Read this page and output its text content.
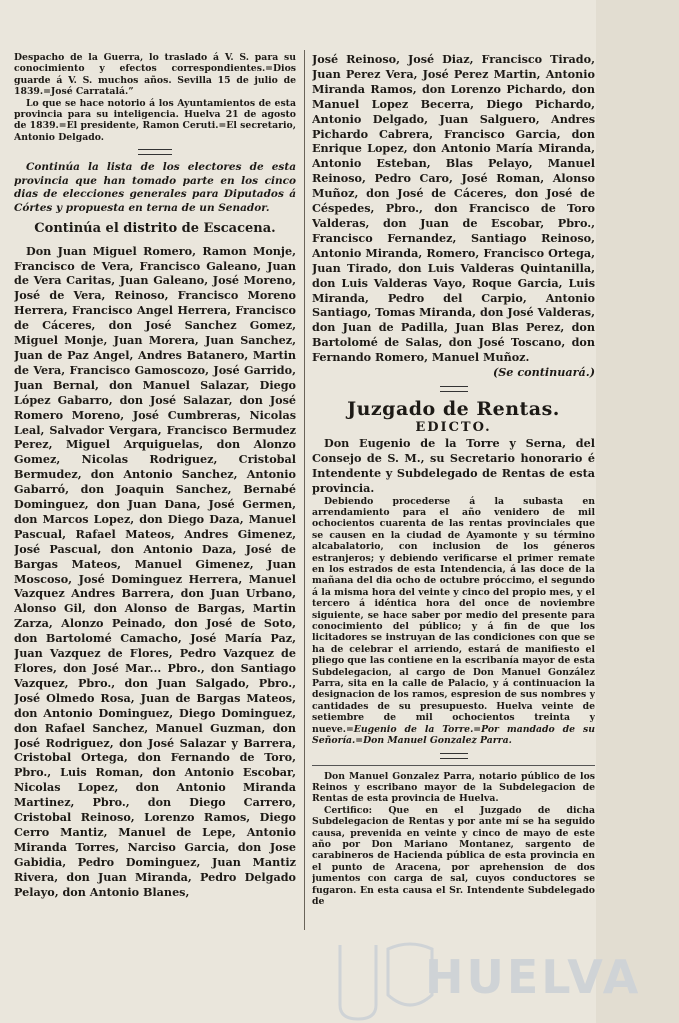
Despacho de la Guerra, lo traslado á V. S. para su conocimiento y efectos correspondientes.=Dios guarde á V. S. muchos años. Sevilla 15 de julio de 1839.=José Carratalá.”

Lo que se hace notorio á los Ayuntamientos de esta provincia para su inteligencia. Huelva 21 de agosto de 1839.=El presidente, Ramon Ceruti.=El secretario, Antonio Delgado.

Continúa la lista de los electores de esta provincia que han tomado parte en los cinco dias de elecciones generales para Diputados á Córtes y propuesta en terna de un Senador.

Continúa el distrito de Escacena.

Don Juan Miguel Romero, Ramon Monje, Francisco de Vera, Francisco Galeano, Juan de Vera Caritas, Juan Galeano, José Moreno, José de Vera, Reinoso, Francisco Moreno Herrera, Francisco Angel Herrera, Francisco de Cáceres, don José Sanchez Gomez, Miguel Monje, Juan Morera, Juan Sanchez, Juan de Paz Angel, Andres Batanero, Martin de Vera, Francisco Gamoscozo, José Garrido, Juan Bernal, don Manuel Salazar, Diego López Gabarro, don José Salazar, don José Romero Moreno, José Cumbreras, Nicolas Leal, Salvador Vergara, Francisco Bermudez Perez, Miguel Arquiguelas, don Alonzo Gomez, Nicolas Rodriguez, Cristobal Bermudez, don Antonio Sanchez, Antonio Gabarró, don Joaquin Sanchez, Bernabé Dominguez, don Juan Dana, José Germen, don Marcos Lopez, don Diego Daza, Manuel Pascual, Rafael Mateos, Andres Gimenez, José Pascual, don Antonio Daza, José de Bargas Mateos, Manuel Gimenez, Juan Moscoso, José Dominguez Herrera, Manuel Vazquez Andres Barrera, don Juan Urbano, Alonso Gil, don Alonso de Bargas, Martin Zarza, Alonzo Peinado, don José de Soto, don Bartolomé Camacho, José María Paz, Juan Vazquez de Flores, Pedro Vazquez de Flores, don José Mar... Pbro., don Santiago Vazquez, Pbro., don Juan Salgado, Pbro., José Olmedo Rosa, Juan de Bargas Mateos, don Antonio Dominguez, Diego Dominguez, don Rafael Sanchez, Manuel Guzman, don José Rodriguez, don José Salazar y Barrera, Cristobal Ortega, don Fernando de Toro, Pbro., Luis Roman, don Antonio Escobar, Nicolas Lopez, don Antonio Miranda Martinez, Pbro., don Diego Carrero, Cristobal Reinoso, Lorenzo Ramos, Diego Cerro Mantiz, Manuel de Lepe, Antonio Miranda Torres, Narciso Garcia, don Jose Gabidia, Pedro Dominguez, Juan Mantiz Rivera, don Juan Miranda, Pedro Delgado Pelayo, don Antonio Blanes,

José Reinoso, José Diaz, Francisco Tirado, Juan Perez Vera, José Perez Martin, Antonio Miranda Ramos, don Lorenzo Pichardo, don Manuel Lopez Becerra, Diego Pichardo, Antonio Delgado, Juan Salguero, Andres Pichardo Cabrera, Francisco Garcia, don Enrique Lopez, don Antonio María Miranda, Antonio Esteban, Blas Pelayo, Manuel Reinoso, Pedro Caro, José Roman, Alonso Muñoz, don José de Cáceres, don José de Céspedes, Pbro., don Francisco de Toro Valderas, don Juan de Escobar, Pbro., Francisco Fernandez, Santiago Reinoso, Antonio Miranda, Romero, Francisco Ortega, Juan Tirado, don Luis Valderas Quintanilla, don Luis Valderas Vayo, Roque Garcia, Luis Miranda, Pedro del Carpio, Antonio Santiago, Tomas Miranda, don José Valderas, don Juan de Padilla, Juan Blas Perez, don Bartolomé de Salas, don José Toscano, don Fernando Romero, Manuel Muñoz.

(Se continuará.)

Juzgado de Rentas.
EDICTO.

Don Eugenio de la Torre y Serna, del Consejo de S. M., su Secretario honorario é Intendente y Subdelegado de Rentas de esta provincia.

Debiendo procederse á la subasta en arrendamiento para el año venidero de mil ochocientos cuarenta de las rentas provinciales que se causen en la ciudad de Ayamonte y su término alcabalatorio, con inclusion de los géneros estranjeros; y debiendo verificarse el primer remate en los estrados de esta Intendencia, á las doce de la mañana del dia ocho de octubre próccimo, el segundo á la misma hora del veinte y cinco del propio mes, y el tercero á idéntica hora del once de noviembre siguiente, se hace saber por medio del presente para conocimiento del público; y á fin de que los licitadores se instruyan de las condiciones con que se ha de celebrar el arriendo, estará de manifiesto el pliego que las contiene en la escribanía mayor de esta Subdelegacion, al cargo de Don Manuel González Parra, sita en la calle de Palacio, y á continuacion la designacion de los ramos, espresion de sus nombres y cantidades de su presupuesto. Huelva veinte de setiembre de mil ochocientos treinta y nueve.=Eugenio de la Torre.=Por mandado de su Señoría.=Don Manuel Gonzalez Parra.

Don Manuel Gonzalez Parra, notario público de los Reinos y escribano mayor de la Subdelegacion de Rentas de esta provincia de Huelva.

Certifico: Que en el Juzgado de dicha Subdelegacion de Rentas y por ante mí se ha seguido causa, prevenida en veinte y cinco de mayo de este año por Don Mariano Montanez, sargento de carabineros de Hacienda pública de esta provincia en el punto de Aracena, por aprehension de dos jumentos con carga de sal, cuyos conductores se fugaron. En esta causa el Sr. Intendente Subdelegado de

HUELVA
